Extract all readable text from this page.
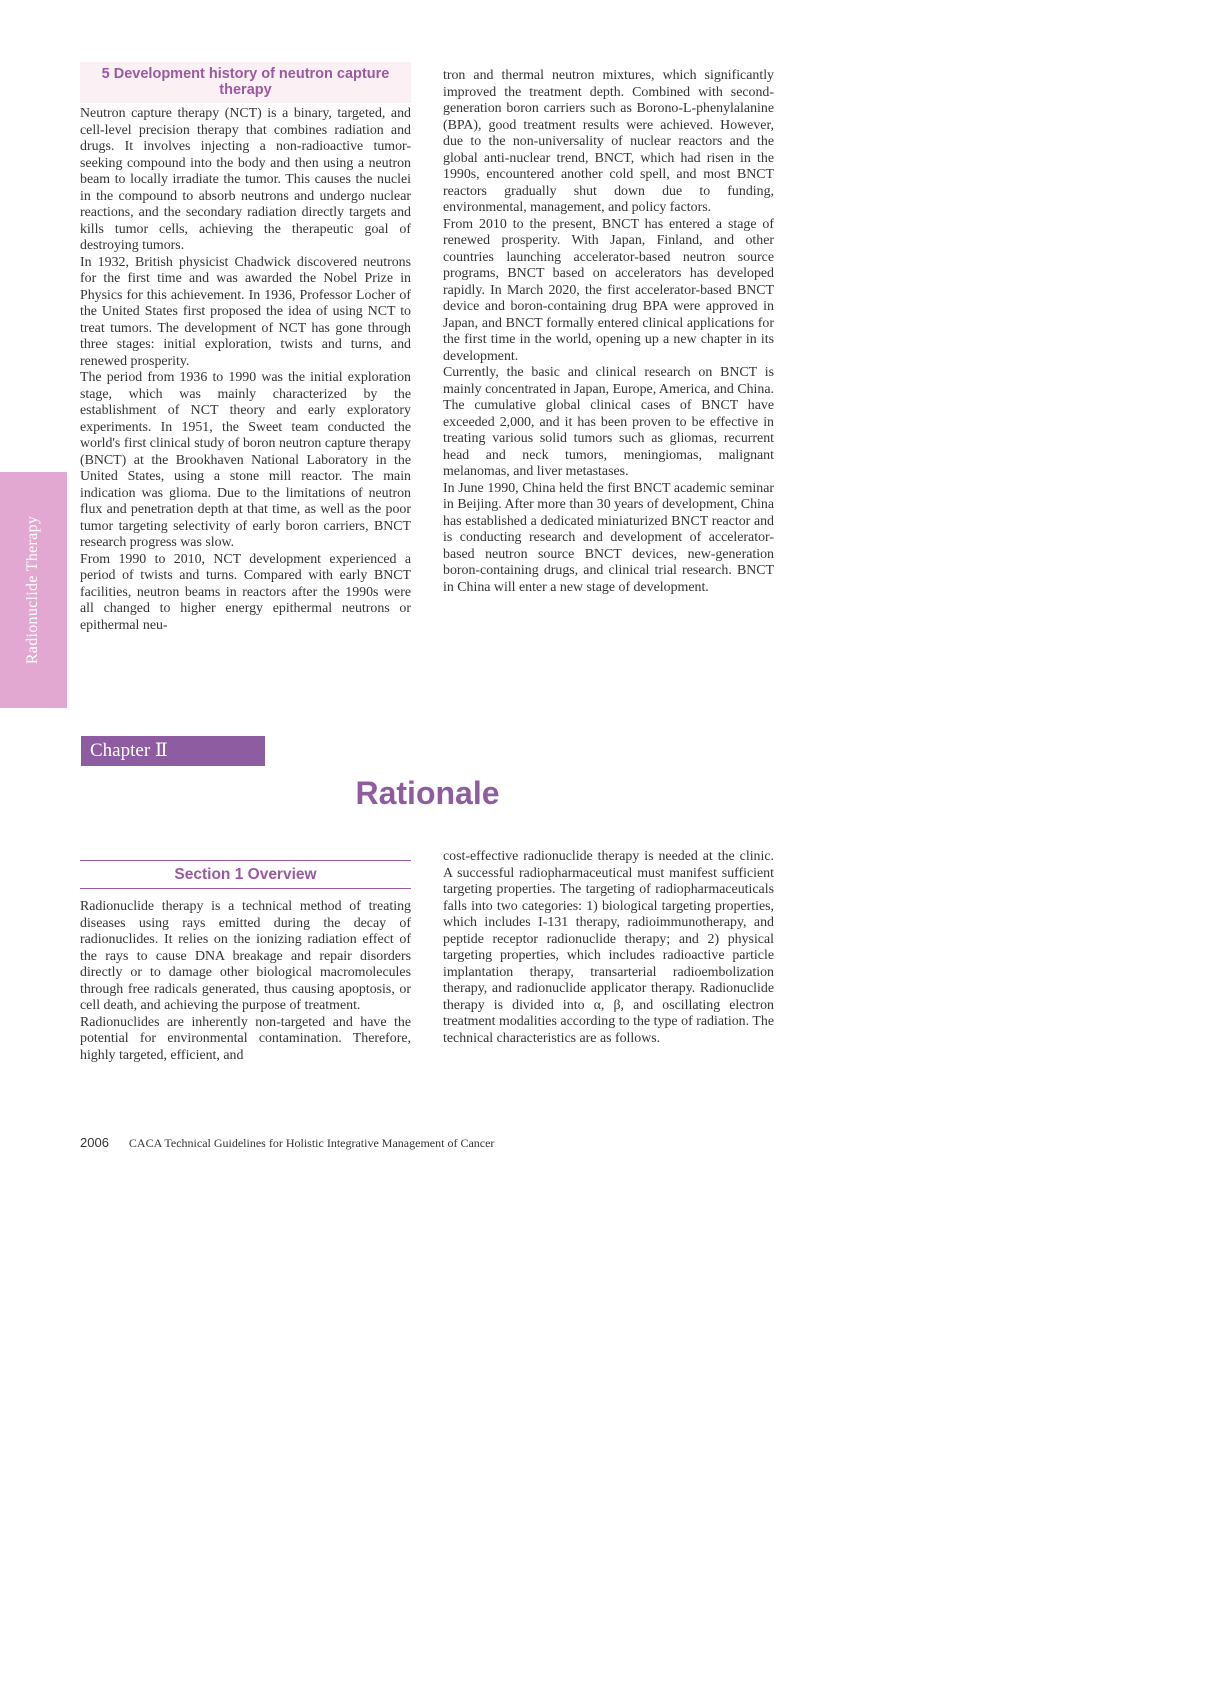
Radionuclide Therapy
5 Development history of neutron capture therapy

Neutron capture therapy (NCT) is a binary, targeted, and cell-level precision therapy that combines radiation and drugs. It involves injecting a non-radioactive tumor-seeking compound into the body and then using a neutron beam to locally irradiate the tumor. This causes the nuclei in the compound to absorb neutrons and undergo nuclear reactions, and the secondary radiation directly targets and kills tumor cells, achieving the therapeutic goal of destroying tumors.

In 1932, British physicist Chadwick discovered neutrons for the first time and was awarded the Nobel Prize in Physics for this achievement. In 1936, Professor Locher of the United States first proposed the idea of using NCT to treat tumors. The development of NCT has gone through three stages: initial exploration, twists and turns, and renewed prosperity.

The period from 1936 to 1990 was the initial exploration stage, which was mainly characterized by the establishment of NCT theory and early exploratory experiments. In 1951, the Sweet team conducted the world's first clinical study of boron neutron capture therapy (BNCT) at the Brookhaven National Laboratory in the United States, using a stone mill reactor. The main indication was glioma. Due to the limitations of neutron flux and penetration depth at that time, as well as the poor tumor targeting selectivity of early boron carriers, BNCT research progress was slow.

From 1990 to 2010, NCT development experienced a period of twists and turns. Compared with early BNCT facilities, neutron beams in reactors after the 1990s were all changed to higher energy epithermal neutrons or epithermal neu-

tron and thermal neutron mixtures, which significantly improved the treatment depth. Combined with second-generation boron carriers such as Borono-L-phenylalanine (BPA), good treatment results were achieved. However, due to the non-universality of nuclear reactors and the global anti-nuclear trend, BNCT, which had risen in the 1990s, encountered another cold spell, and most BNCT reactors gradually shut down due to funding, environmental, management, and policy factors.

From 2010 to the present, BNCT has entered a stage of renewed prosperity. With Japan, Finland, and other countries launching accelerator-based neutron source programs, BNCT based on accelerators has developed rapidly. In March 2020, the first accelerator-based BNCT device and boron-containing drug BPA were approved in Japan, and BNCT formally entered clinical applications for the first time in the world, opening up a new chapter in its development.

Currently, the basic and clinical research on BNCT is mainly concentrated in Japan, Europe, America, and China. The cumulative global clinical cases of BNCT have exceeded 2,000, and it has been proven to be effective in treating various solid tumors such as gliomas, recurrent head and neck tumors, meningiomas, malignant melanomas, and liver metastases.

In June 1990, China held the first BNCT academic seminar in Beijing. After more than 30 years of development, China has established a dedicated miniaturized BNCT reactor and is conducting research and development of accelerator-based neutron source BNCT devices, new-generation boron-containing drugs, and clinical trial research. BNCT in China will enter a new stage of development.

Chapter Ⅱ
Rationale
Section 1 Overview

Radionuclide therapy is a technical method of treating diseases using rays emitted during the decay of radionuclides. It relies on the ionizing radiation effect of the rays to cause DNA breakage and repair disorders directly or to damage other biological macromolecules through free radicals generated, thus causing apoptosis, or cell death, and achieving the purpose of treatment.

Radionuclides are inherently non-targeted and have the potential for environmental contamination. Therefore, highly targeted, efficient, and

cost-effective radionuclide therapy is needed at the clinic. A successful radiopharmaceutical must manifest sufficient targeting properties. The targeting of radiopharmaceuticals falls into two categories: 1) biological targeting properties, which includes I-131 therapy, radioimmunotherapy, and peptide receptor radionuclide therapy; and 2) physical targeting properties, which includes radioactive particle implantation therapy, transarterial radioembolization therapy, and radionuclide applicator therapy. Radionuclide therapy is divided into α, β, and oscillating electron treatment modalities according to the type of radiation. The technical characteristics are as follows.

2006 CACA Technical Guidelines for Holistic Integrative Management of Cancer
